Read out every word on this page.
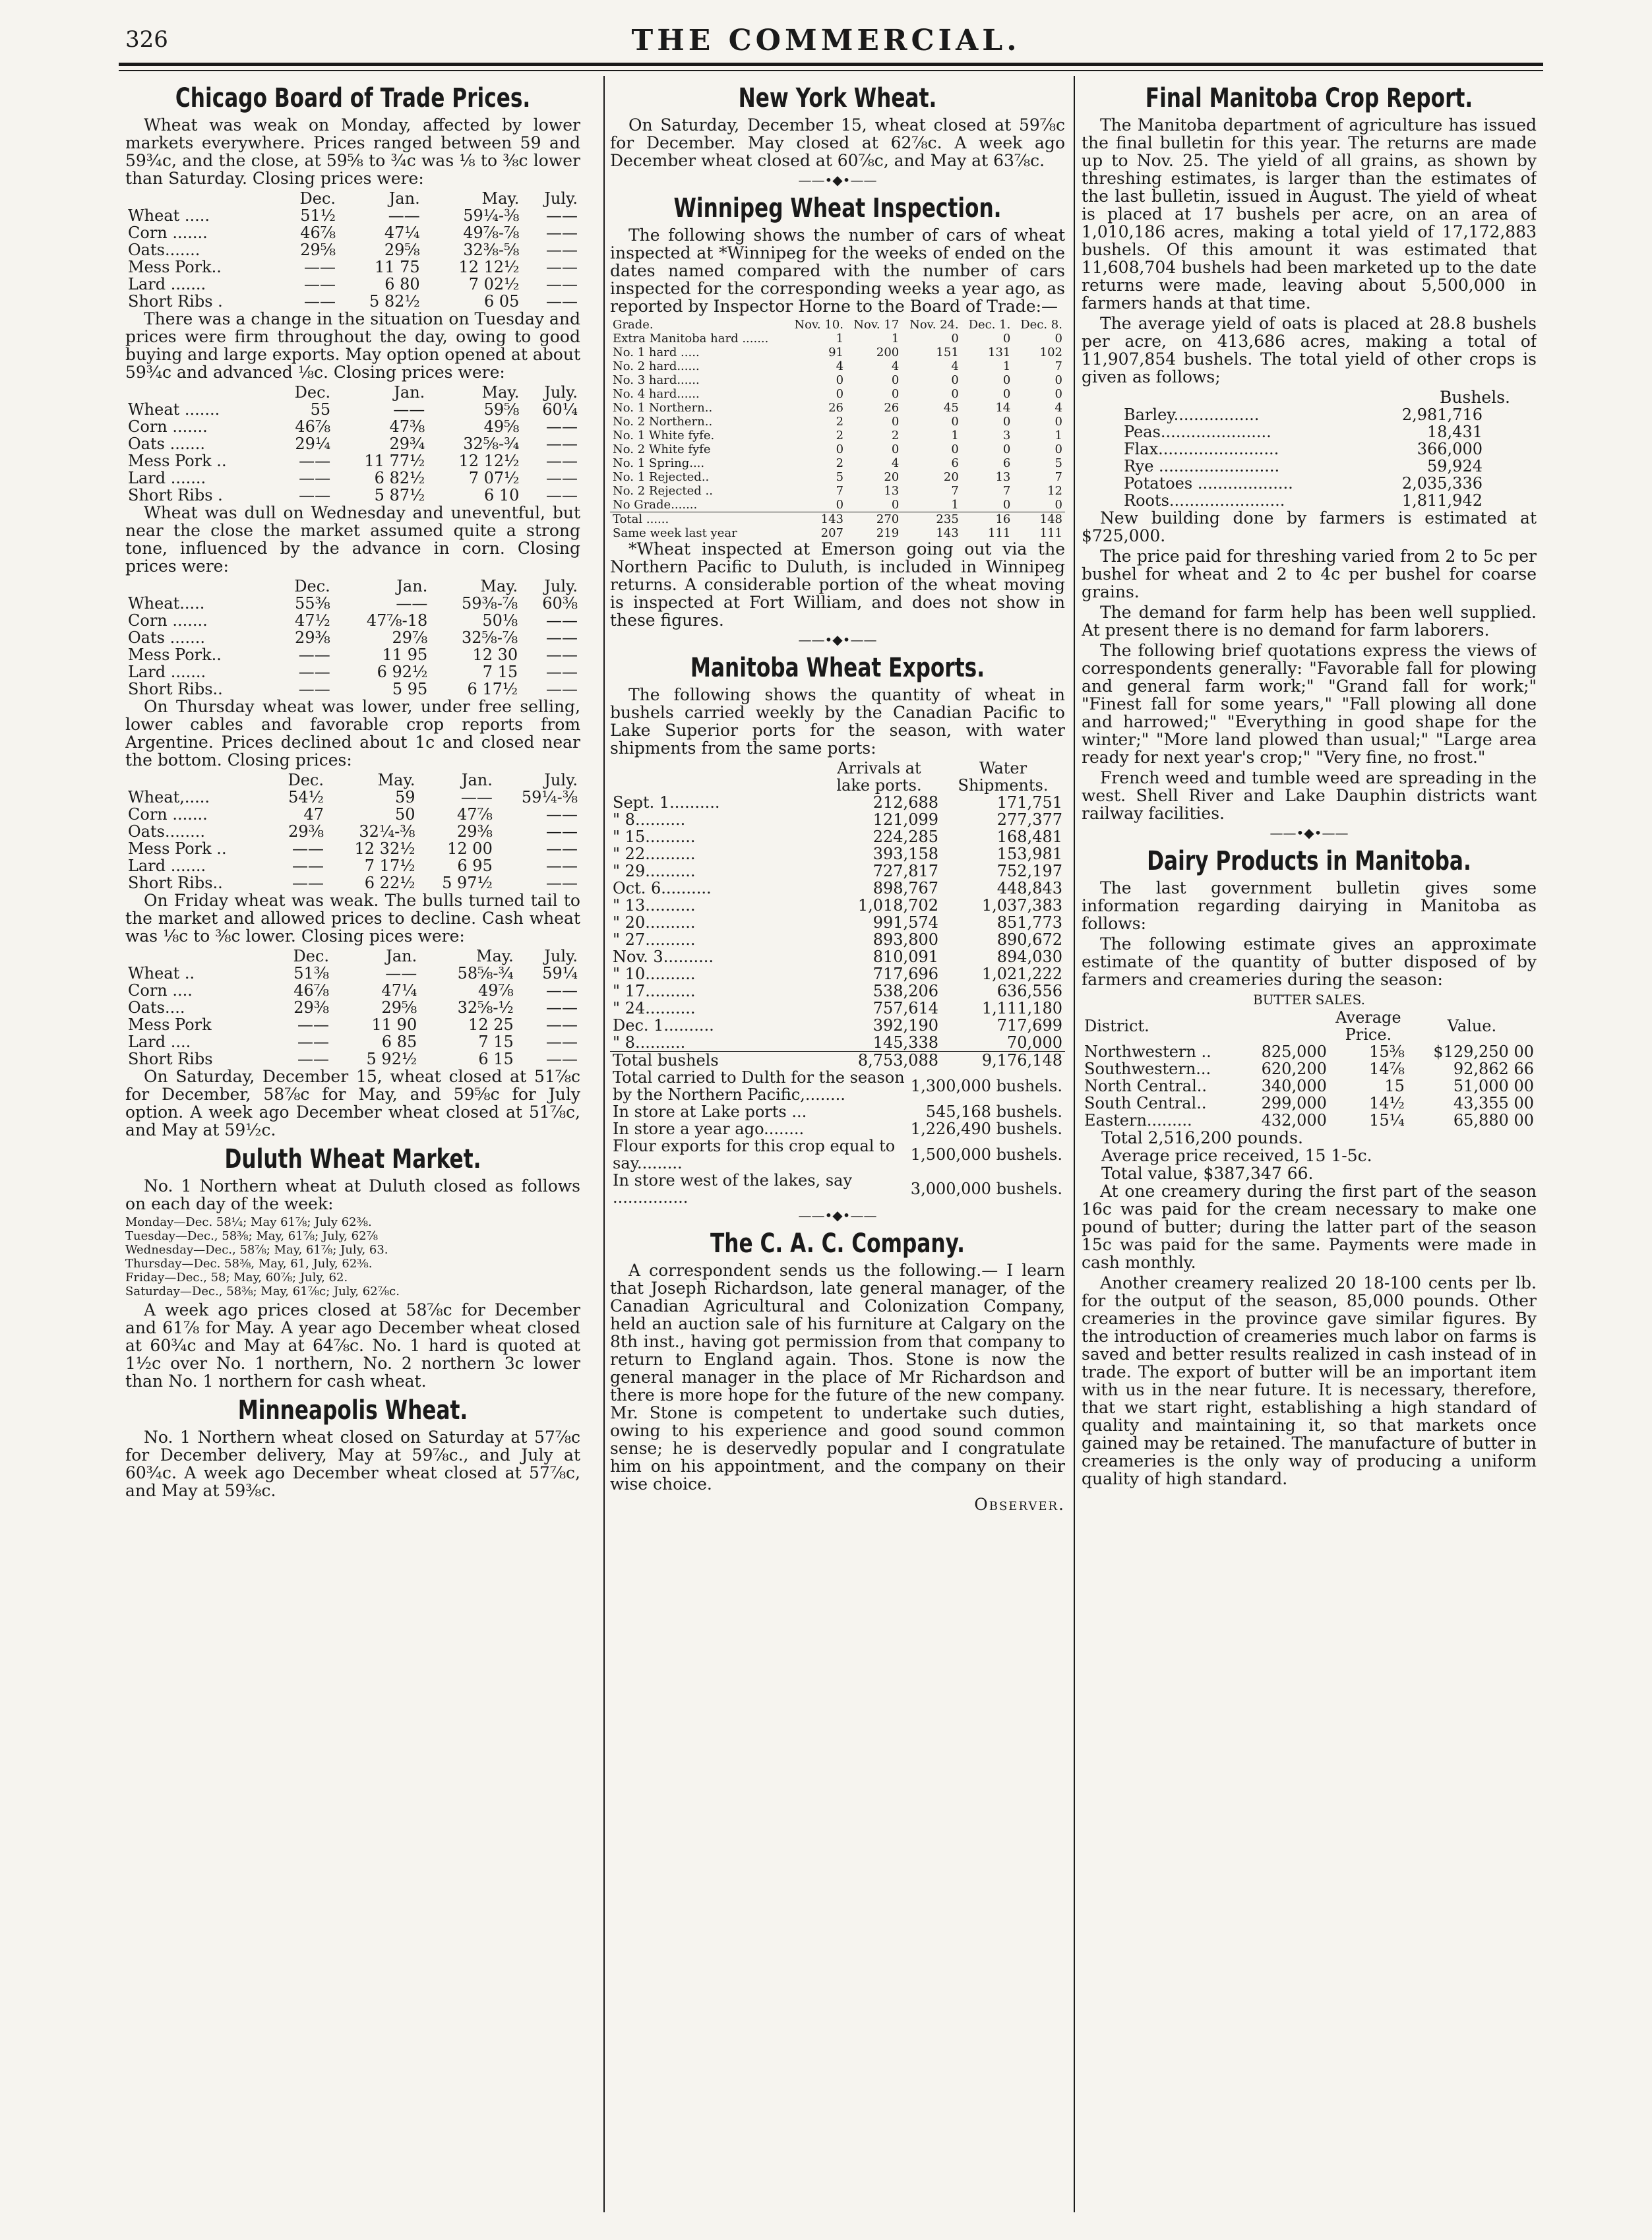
326	THE COMMERCIAL.
Chicago Board of Trade Prices.

Wheat was weak on Monday, affected by lower markets everywhere. Prices ranged between 59 and 59¾c, and the close, at 59⅝ to ¾c was ⅛ to ⅜c lower than Saturday. Closing prices were:

	Dec.	Jan.	May.	July.
Wheat .....	51½	——	59¼-⅜	——
Corn .......	46⅞	47¼	49⅞-⅞	——
Oats.......	29⅝	29⅝	32⅜-⅝	——
Mess Pork..	——	11 75	12 12½	——
Lard .......	——	6 80	7 02½	——
Short Ribs .	——	5 82½	6 05	——

There was a change in the situation on Tuesday and prices were firm throughout the day, owing to good buying and large exports. May option opened at about 59¾c and advanced ⅛c. Closing prices were:

	Dec.	Jan.	May.	July.
Wheat .......	55	——	59⅝	60¼
Corn .......	46⅞	47⅜	49⅝	——
Oats .......	29¼	29¾	32⅝-¾	——
Mess Pork ..	——	11 77½	12 12½	——
Lard .......	——	6 82½	7 07½	——
Short Ribs .	——	5 87½	6 10	——

Wheat was dull on Wednesday and uneventful, but near the close the market assumed quite a strong tone, influenced by the advance in corn. Closing prices were:

	Dec.	Jan.	May.	July.
Wheat.....	55⅜	——	59⅜-⅞	60⅜
Corn .......	47½	47⅞-18	50⅛	——
Oats .......	29⅜	29⅞	32⅝-⅞	——
Mess Pork..	——	11 95	12 30	——
Lard .......	——	6 92½	7 15	——
Short Ribs..	——	5 95	6 17½	——

On Thursday wheat was lower, under free selling, lower cables and favorable crop reports from Argentine. Prices declined about 1c and closed near the bottom. Closing prices:

	Dec.	May.	Jan.	July.
Wheat,.....	54½	59	——	59¼-⅜
Corn .......	47	50	47⅞	——
Oats........	29⅜	32¼-⅜	29⅜	——
Mess Pork ..	——	12 32½	12 00	——
Lard .......	——	7 17½	6 95	——
Short Ribs..	——	6 22½	5 97½	——

On Friday wheat was weak. The bulls turned tail to the market and allowed prices to decline. Cash wheat was ⅛c to ⅜c lower. Closing pices were:

	Dec.	Jan.	May.	July.
Wheat ..	51⅜	——	58⅝-¾	59¼
Corn ....	46⅞	47¼	49⅞	——
Oats....	29⅜	29⅝	32⅝-½	——
Mess Pork	——	11 90	12 25	——
Lard ....	——	6 85	7 15	——
Short Ribs	——	5 92½	6 15	——

On Saturday, December 15, wheat closed at 51⅞c for December, 58⅞c for May, and 59⅝c for July option. A week ago December wheat closed at 51⅞c, and May at 59½c.

Duluth Wheat Market.

No. 1 Northern wheat at Duluth closed as follows on each day of the week:

Monday—Dec. 58¼; May 61⅞; July 62⅜.
Tuesday—Dec., 58⅜; May, 61⅞; July, 62⅞
Wednesday—Dec., 58⅞; May, 61⅞; July, 63.
Thursday—Dec. 58⅜, May, 61, July, 62⅜.
Friday—Dec., 58; May, 60⅞; July, 62.
Saturday—Dec., 58⅜; May, 61⅞c; July, 62⅞c.

A week ago prices closed at 58⅞c for December and 61⅞ for May. A year ago December wheat closed at 60¾c and May at 64⅞c. No. 1 hard is quoted at 1½c over No. 1 northern, No. 2 northern 3c lower than No. 1 northern for cash wheat.

Minneapolis Wheat.

No. 1 Northern wheat closed on Saturday at 57⅞c for December delivery, May at 59⅞c., and July at 60¾c. A week ago December wheat closed at 57⅞c, and May at 59⅜c.

New York Wheat.

On Saturday, December 15, wheat closed at 59⅞c for December. May closed at 62⅞c. A week ago December wheat closed at 60⅞c, and May at 63⅞c.

——•◆•——
Winnipeg Wheat Inspection.

The following shows the number of cars of wheat inspected at *Winnipeg for the weeks of ended on the dates named compared with the number of cars inspected for the corresponding weeks a year ago, as reported by Inspector Horne to the Board of Trade:—

Grade.	Nov. 10.	Nov. 17	Nov. 24.	Dec. 1.	Dec. 8.
Extra Manitoba hard .......	1	1	0	0	0
No. 1 hard .....	91	200	151	131	102
No. 2 hard......	4	4	4	1	7
No. 3 hard......	0	0	0	0	0
No. 4 hard......	0	0	0	0	0
No. 1 Northern..	26	26	45	14	4
No. 2 Northern..	2	0	0	0	0
No. 1 White fyfe.	2	2	1	3	1
No. 2 White fyfe	0	0	0	0	0
No. 1 Spring....	2	4	6	6	5
No. 1 Rejected..	5	20	20	13	7
No. 2 Rejected ..	7	13	7	7	12
No Grade.......	0	0	1	0	0
Total ......	143	270	235	16	148
Same week last year	207	219	143	111	111

*Wheat inspected at Emerson going out via the Northern Pacific to Duluth, is included in Winnipeg returns. A considerable portion of the wheat moving is inspected at Fort William, and does not show in these figures.

——•◆•——
Manitoba Wheat Exports.

The following shows the quantity of wheat in bushels carried weekly by the Canadian Pacific to Lake Superior ports for the season, with water shipments from the same ports:

	Arrivals at lake ports.	Water Shipments.
Sept. 1..........	212,688	171,751
" 8..........	121,099	277,377
" 15..........	224,285	168,481
" 22..........	393,158	153,981
" 29..........	727,817	752,197
Oct. 6..........	898,767	448,843
" 13..........	1,018,702	1,037,383
" 20..........	991,574	851,773
" 27..........	893,800	890,672
Nov. 3..........	810,091	894,030
" 10..........	717,696	1,021,222
" 17..........	538,206	636,556
" 24..........	757,614	1,111,180
Dec. 1..........	392,190	717,699
" 8..........	145,338	70,000
Total bushels	8,753,088	9,176,148
Total carried to Dulth for the season by the Northern Pacific,........	1,300,000 bushels.
In store at Lake ports ...	545,168 bushels.
In store a year ago........	1,226,490 bushels.
Flour exports for this crop equal to say.........	1,500,000 bushels.
In store west of the lakes, say ...............	3,000,000 bushels.
——•◆•——
The C. A. C. Company.

A correspondent sends us the following.— I learn that Joseph Richardson, late general manager, of the Canadian Agricultural and Colonization Company, held an auction sale of his furniture at Calgary on the 8th inst., having got permission from that company to return to England again. Thos. Stone is now the general manager in the place of Mr Richardson and there is more hope for the future of the new company. Mr. Stone is competent to undertake such duties, owing to his experience and good sound common sense; he is deservedly popular and I congratulate him on his appointment, and the company on their wise choice.

Observer.
Final Manitoba Crop Report.

The Manitoba department of agriculture has issued the final bulletin for this year. The returns are made up to Nov. 25. The yield of all grains, as shown by threshing estimates, is larger than the estimates of the last bulletin, issued in August. The yield of wheat is placed at 17 bushels per acre, on an area of 1,010,186 acres, making a total yield of 17,172,883 bushels. Of this amount it was estimated that 11,608,704 bushels had been marketed up to the date returns were made, leaving about 5,500,000 in farmers hands at that time.

The average yield of oats is placed at 28.8 bushels per acre, on 413,686 acres, making a total of 11,907,854 bushels. The total yield of other crops is given as follows;

Bushels.
Barley.................	2,981,716
Peas......................	18,431
Flax........................	366,000
Rye ........................	59,924
Potatoes ...................	2,035,336
Roots.......................	1,811,942

New building done by farmers is estimated at $725,000.

The price paid for threshing varied from 2 to 5c per bushel for wheat and 2 to 4c per bushel for coarse grains.

The demand for farm help has been well supplied. At present there is no demand for farm laborers.

The following brief quotations express the views of correspondents generally: "Favorable fall for plowing and general farm work;" "Grand fall for work;" "Finest fall for some years," "Fall plowing all done and harrowed;" "Everything in good shape for the winter;" "More land plowed than usual;" "Large area ready for next year's crop;" "Very fine, no frost."

French weed and tumble weed are spreading in the west. Shell River and Lake Dauphin districts want railway facilities.

——•◆•——
Dairy Products in Manitoba.

The last government bulletin gives some information regarding dairying in Manitoba as follows:

The following estimate gives an approximate estimate of the quantity of butter disposed of by farmers and creameries during the season:

BUTTER SALES.
District.		Average Price.	Value.
Northwestern ..	825,000	15⅜	$129,250 00
Southwestern...	620,200	14⅞	92,862 66
North Central..	340,000	15	51,000 00
South Central..	299,000	14½	43,355 00
Eastern.........	432,000	15¼	65,880 00
Total 2,516,200 pounds.
Average price received, 15 1-5c.
Total value, $387,347 66.

At one creamery during the first part of the season 16c was paid for the cream necessary to make one pound of butter; during the latter part of the season 15c was paid for the same. Payments were made in cash monthly.

Another creamery realized 20 18-100 cents per lb. for the output of the season, 85,000 pounds. Other creameries in the province gave similar figures. By the introduction of creameries much labor on farms is saved and better results realized in cash instead of in trade. The export of butter will be an important item with us in the near future. It is necessary, therefore, that we start right, establishing a high standard of quality and maintaining it, so that markets once gained may be retained. The manufacture of butter in creameries is the only way of producing a uniform quality of high standard.
